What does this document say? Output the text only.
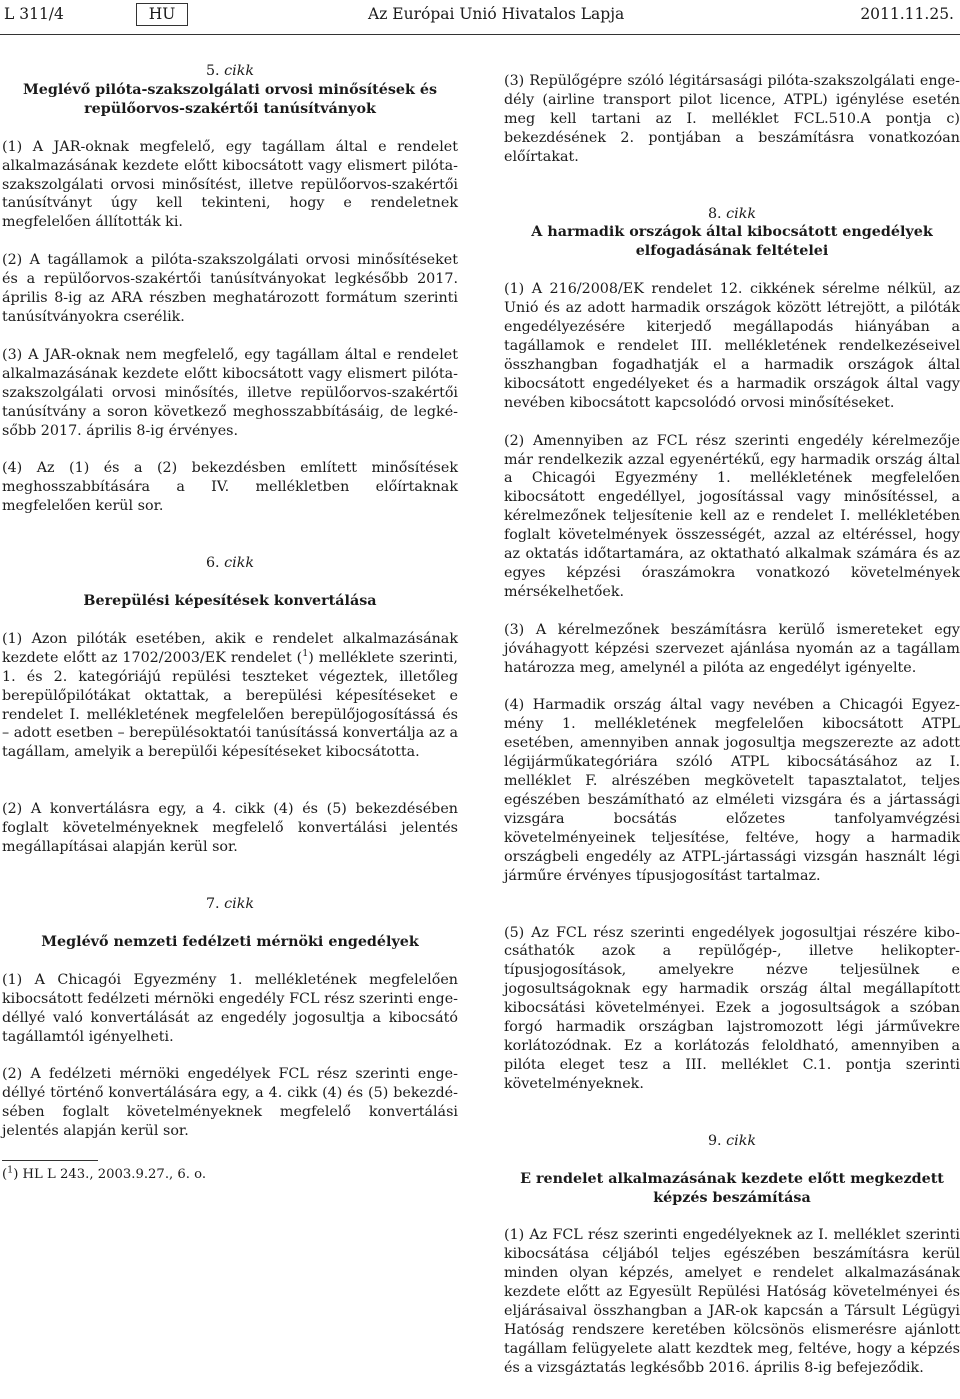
L 311/4	HU	Az Európai Unió Hivatalos Lapja	2011.11.25.

5. cikk

Meglévő pilóta-szakszolgálati orvosi minősítések és repülőorvos-szakértői tanúsítványok

(1) A JAR-oknak megfelelő, egy tagállam által e rendelet alkalmazásának kezdete előtt kibocsátott vagy elismert pilótaszakszolgálati orvosi minősítést, illetve repülőorvos-szakértői tanúsítványt úgy kell tekinteni, hogy e rendeletnek megfelelően állították ki.

(2) A tagállamok a pilóta-szakszolgálati orvosi minősítéseket és a repülőorvos-szakértői tanúsítványokat legkésőbb 2017. április 8-ig az ARA részben meghatározott formátum szerinti tanúsítványokra cserélik.

(3) A JAR-oknak nem megfelelő, egy tagállam által e rendelet alkalmazásának kezdete előtt kibocsátott vagy elismert pilótaszakszolgálati orvosi minősítés, illetve repülőorvos-szakértői tanúsítvány a soron következő meghosszabbításáig, de legkésőbb 2017. április 8-ig érvényes.

(4) Az (1) és a (2) bekezdésben említett minősítések meghosszabbítására a IV. mellékletben előírtaknak megfelelően kerül sor.

6. cikk

Berepülési képesítések konvertálása

(1) Azon pilóták esetében, akik e rendelet alkalmazásának kezdete előtt az 1702/2003/EK rendelet ($^1$) melléklete szerinti, 1. és 2. kategóriájú repülési teszteket végeztek, illetőleg berepülőpilótákat oktattak, a berepülési képesítéseket e rendelet I. mellékletének megfelelően berepülőjogosítássá és – adott esetben – berepülésoktatói tanúsítássá konvertálja az a tagállam, amelyik a berepülői képesítéseket kibocsátotta.

(2) A konvertálásra egy, a 4. cikk (4) és (5) bekezdésében foglalt követelményeknek megfelelő konvertálási jelentés megállapításai alapján kerül sor.

7. cikk

Meglévő nemzeti fedélzeti mérnöki engedélyek

(1) A Chicagói Egyezmény 1. mellékletének megfelelően kibocsátott fedélzeti mérnöki engedély FCL rész szerinti engedéllyé való konvertálását az engedély jogosultja a kibocsátó tagállamtól igényelheti.

(2) A fedélzeti mérnöki engedélyek FCL rész szerinti engedéllyé történő konvertálására egy, a 4. cikk (4) és (5) bekezdésében foglalt követelményeknek megfelelő konvertálási jelentés alapján kerül sor.

($^1$) HL L 243., 2003.9.27., 6. o.

(3) Repülőgépre szóló légitársasági pilóta-szakszolgálati engedély (airline transport pilot licence, ATPL) igénylése esetén meg kell tartani az I. melléklet FCL.510.A pontja c) bekezdésének 2. pontjában a beszámításra vonatkozóan előírtakat.

8. cikk

A harmadik országok által kibocsátott engedélyek elfogadásának feltételei

(1) A 216/2008/EK rendelet 12. cikkének sérelme nélkül, az Unió és az adott harmadik országok között létrejött, a pilóták engedélyezésére kiterjedő megállapodás hiányában a tagállamok e rendelet III. mellékletének rendelkezéseivel összhangban fogadhatják el a harmadik országok által kibocsátott engedélyeket és a harmadik országok által vagy nevében kibocsátott kapcsolódó orvosi minősítéseket.

(2) Amennyiben az FCL rész szerinti engedély kérelmezője már rendelkezik azzal egyenértékű, egy harmadik ország által a Chicagói Egyezmény 1. mellékletének megfelelően kibocsátott engedéllyel, jogosítással vagy minősítéssel, a kérelmezőnek teljesítenie kell az e rendelet I. mellékletében foglalt követelmények összességét, azzal az eltéréssel, hogy az oktatás időtartamára, az oktatható alkalmak számára és az egyes képzési óraszámokra vonatkozó követelmények mérsékelhetőek.

(3) A kérelmezőnek beszámításra kerülő ismereteket egy jóváhagyott képzési szervezet ajánlása nyomán az a tagállam határozza meg, amelynél a pilóta az engedélyt igényelte.

(4) Harmadik ország által vagy nevében a Chicagói Egyezmény 1. mellékletének megfelelően kibocsátott ATPL esetében, amennyiben annak jogosultja megszerezte az adott légijárműkategóriára szóló ATPL kibocsátásához az I. melléklet F. alrészében megkövetelt tapasztalatot, teljes egészében beszámítható az elméleti vizsgára és a jártassági vizsgára bocsátás előzetes tanfolyamvégzési követelményeinek teljesítése, feltéve, hogy a harmadik országbeli engedély az ATPL-jártassági vizsgán használt légi járműre érvényes típusjogosítást tartalmaz.

(5) Az FCL rész szerinti engedélyek jogosultjai részére kibocsáthatók azok a repülőgép-, illetve helikopter-típusjogosítások, amelyekre nézve teljesülnek e jogosultságoknak egy harmadik ország által megállapított kibocsátási követelményei. Ezek a jogosultságok a szóban forgó harmadik országban lajstromozott légi járművekre korlátozódnak. Ez a korlátozás feloldható, amennyiben a pilóta eleget tesz a III. melléklet C.1. pontja szerinti követelményeknek.

9. cikk

E rendelet alkalmazásának kezdete előtt megkezdett képzés beszámítása

(1) Az FCL rész szerinti engedélyeknek az I. melléklet szerinti kibocsátása céljából teljes egészében beszámításra kerül minden olyan képzés, amelyet e rendelet alkalmazásának kezdete előtt az Egyesült Repülési Hatóság követelményei és eljárásaival összhangban a JAR-ok kapcsán a Társult Légügyi Hatóság rendszere keretében kölcsönös elismerésre ajánlott tagállam felügyelete alatt kezdtek meg, feltéve, hogy a képzés és a vizsgáztatás legkésőbb 2016. április 8-ig befejeződik.
